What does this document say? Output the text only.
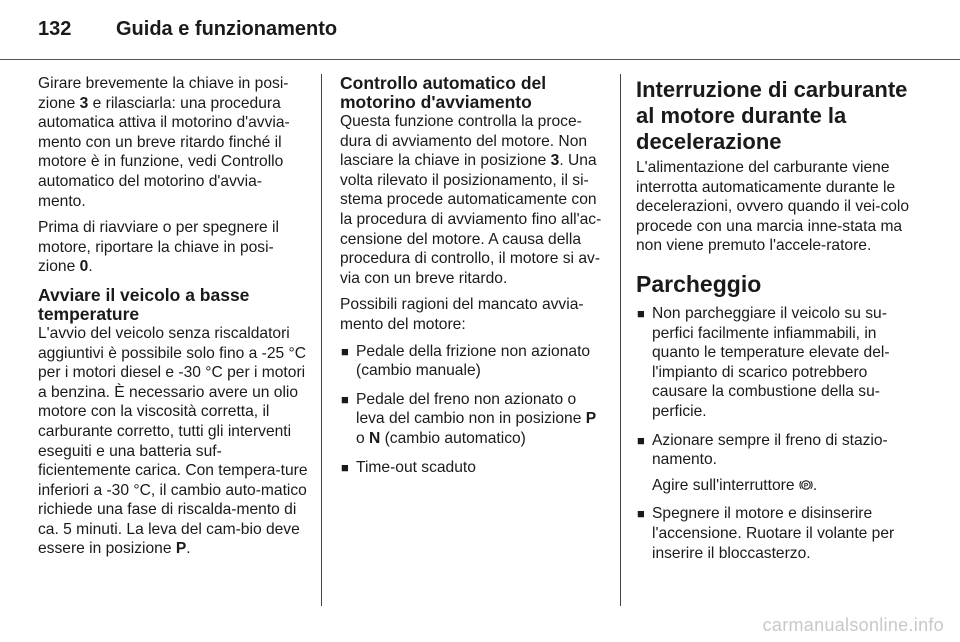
132	Guida e funzionamento

Girare brevemente la chiave in posi-zione 3 e rilasciarla: una procedura automatica attiva il motorino d'avvia-mento con un breve ritardo finché il motore è in funzione, vedi Controllo automatico del motorino d'avvia-mento.

Prima di riavviare o per spegnere il motore, riportare la chiave in posi-zione 0.

Avviare il veicolo a basse temperature

L'avvio del veicolo senza riscaldatori aggiuntivi è possibile solo fino a -25 °C per i motori diesel e -30 °C per i motori a benzina. È necessario avere un olio motore con la viscosità corretta, il carburante corretto, tutti gli interventi eseguiti e una batteria suf-ficientemente carica. Con tempera-ture inferiori a -30 °C, il cambio auto-matico richiede una fase di riscalda-mento di ca. 5 minuti. La leva del cam-bio deve essere in posizione P.

Controllo automatico del motorino d'avviamento

Questa funzione controlla la proce-dura di avviamento del motore. Non lasciare la chiave in posizione 3. Una volta rilevato il posizionamento, il si-stema procede automaticamente con la procedura di avviamento fino all'ac-censione del motore. A causa della procedura di controllo, il motore si av-via con un breve ritardo.

Possibili ragioni del mancato avvia-mento del motore:

■ Pedale della frizione non azionato (cambio manuale)
■ Pedale del freno non azionato o leva del cambio non in posizione P o N (cambio automatico)
■ Time-out scaduto
Interruzione di carburante al motore durante la decelerazione

L'alimentazione del carburante viene interrotta automaticamente durante le decelerazioni, ovvero quando il vei-colo procede con una marcia inne-stata ma non viene premuto l'accele-ratore.

Parcheggio
■ Non parcheggiare il veicolo su su-perfici facilmente infiammabili, in quanto le temperature elevate del-l'impianto di scarico potrebbero causare la combustione della su-perficie.
■ Azionare sempre il freno di stazio-namento.

Agire sull'interruttore P .

■ Spegnere il motore e disinserire l'accensione. Ruotare il volante per inserire il bloccasterzo.
carmanualsonline.info
